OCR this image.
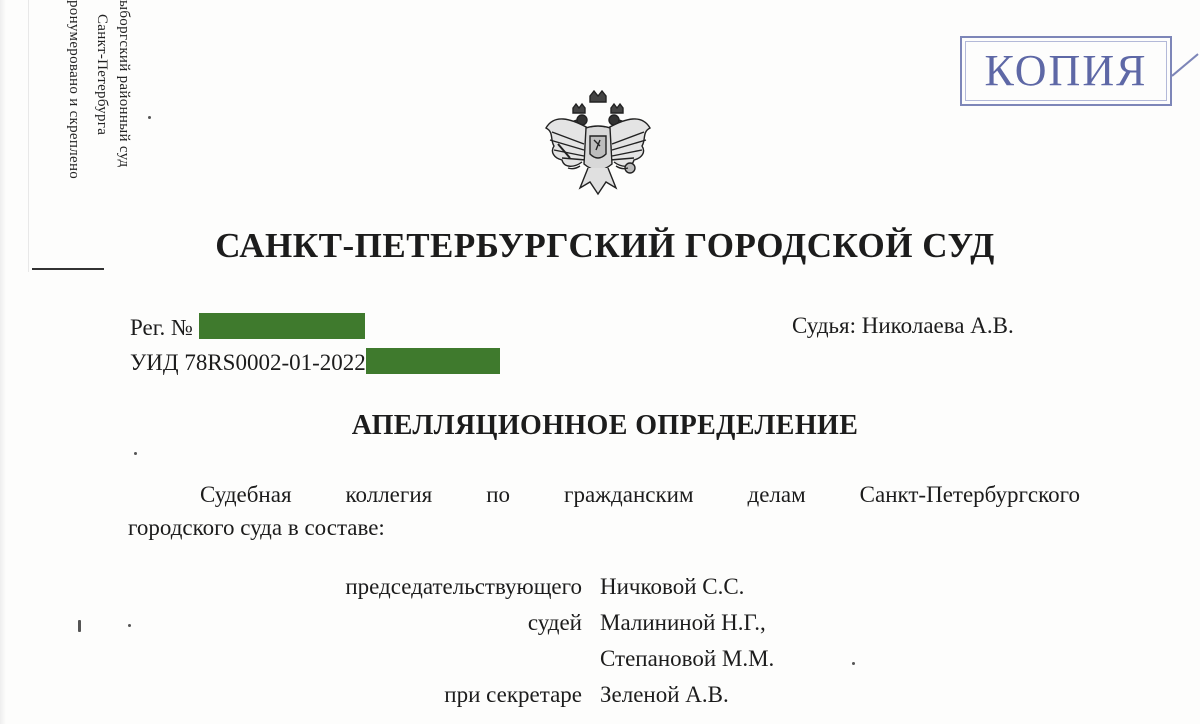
ыборгский районный суд
Санкт-Петербурга
ронумеровано и скреплено	КОПИЯ
САНКТ-ПЕТЕРБУРГСКИЙ ГОРОДСКОЙ СУД
Рег. №
УИД 78RS0002-01-2022
Судья: Николаева А.В.
АПЕЛЛЯЦИОННОЕ ОПРЕДЕЛЕНИЕ
Судебная коллегия по гражданским делам Санкт-Петербургского
городского суда в составе:
председательствующего Ничковой С.С.
судей Малининой Н.Г.,
Степановой М.М.
при секретаре Зеленой А.В.
